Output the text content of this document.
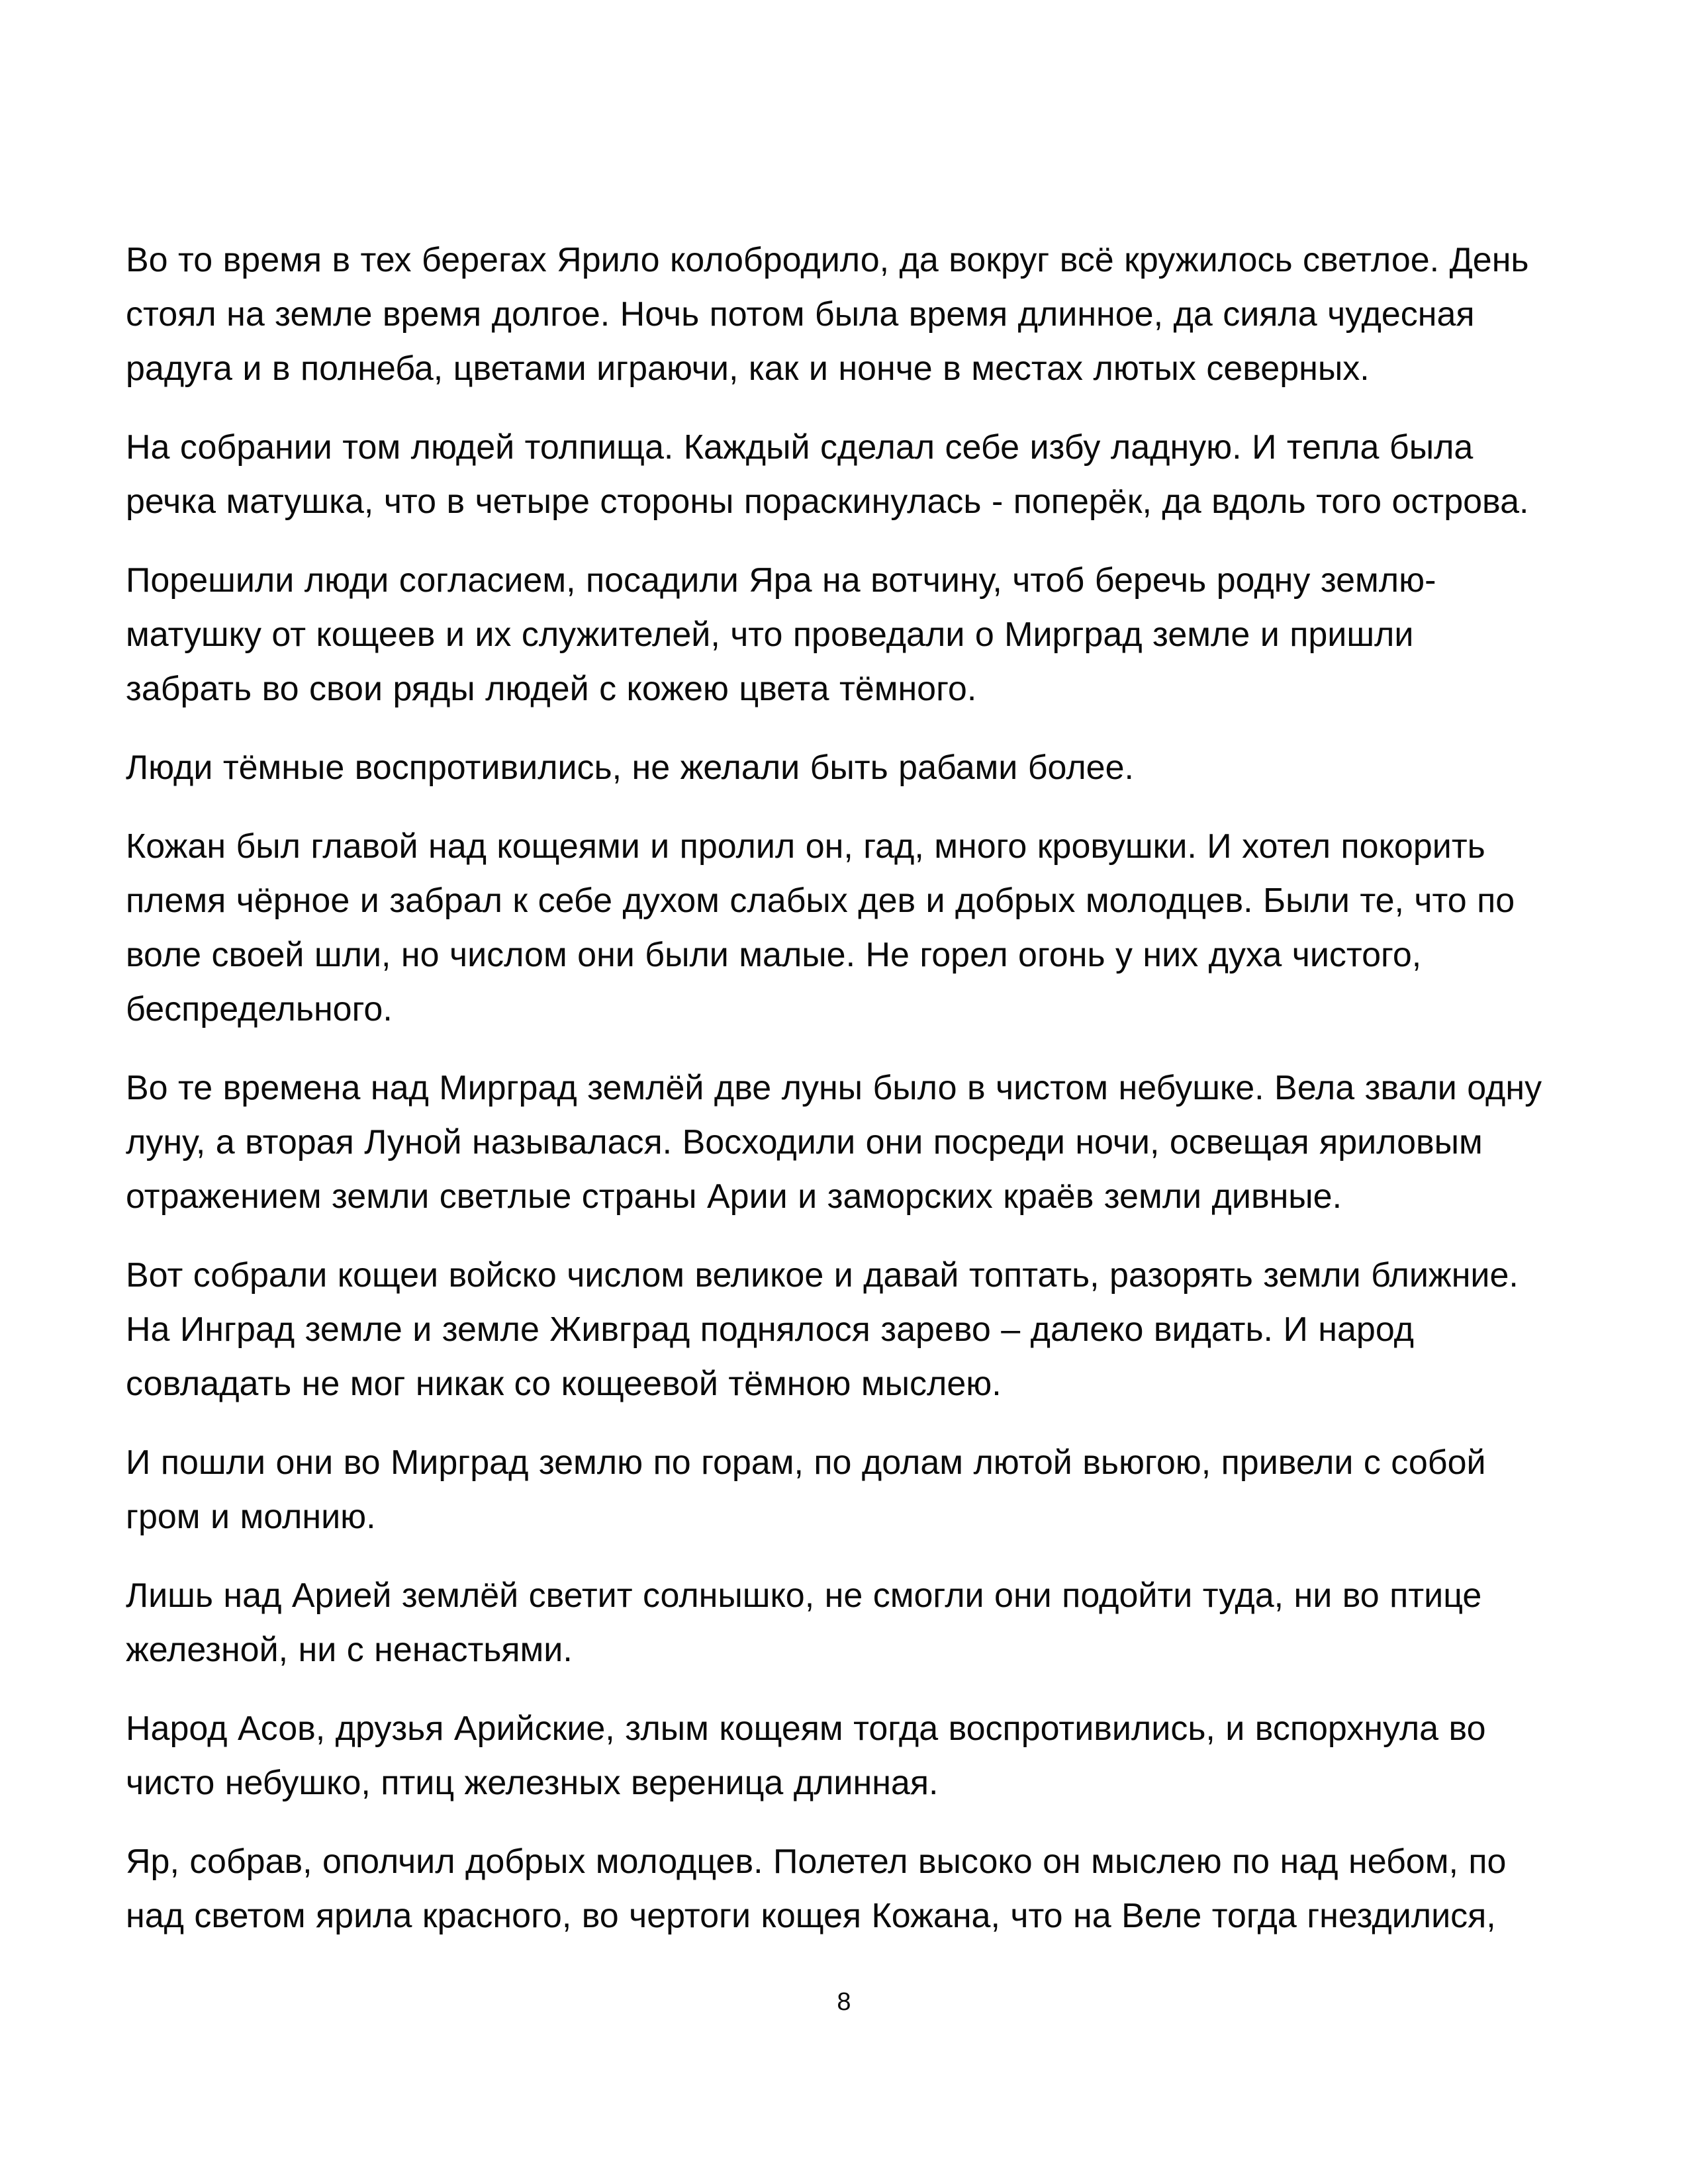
Во то время в тех берегах Ярило колобродило, да вокруг всё кружилось светлое. День
стоял на земле время долгое. Ночь потом была время длинное, да сияла чудесная
радуга и в полнеба, цветами играючи, как и нонче в местах лютых северных.

На собрании том людей толпища. Каждый сделал себе избу ладную. И тепла была
речка матушка, что в четыре стороны пораскинулась - поперёк, да вдоль того острова.

Порешили люди согласием, посадили Яра на вотчину, чтоб беречь родну землю-
матушку от кощеев и их служителей, что проведали о Мирград земле и пришли
забрать во свои ряды людей с кожею цвета тёмного.

Люди тёмные воспротивились, не желали быть рабами более.

Кожан был главой над кощеями и пролил он, гад, много кровушки. И хотел покорить
племя чёрное и забрал к себе духом слабых дев и добрых молодцев. Были те, что по
воле своей шли, но числом они были малые. Не горел огонь у них духа чистого,
беспредельного.

Во те времена над Мирград землёй две луны было в чистом небушке. Вела звали одну
луну, а вторая Луной называлася. Восходили они посреди ночи, освещая яриловым
отражением земли светлые страны Арии и заморских краёв земли дивные.

Вот собрали кощеи войско числом великое и давай топтать, разорять земли ближние.
На Инград земле и земле Живград поднялося зарево – далеко видать. И народ
совладать не мог никак со кощеевой тёмною мыслею.

И пошли они во Мирград землю по горам, по долам лютой вьюгою, привели с собой
гром и молнию.

Лишь над Арией землёй светит солнышко, не смогли они подойти туда, ни во птице
железной, ни с ненастьями.

Народ Асов, друзья Арийские, злым кощеям тогда воспротивились, и вспорхнула во
чисто небушко, птиц железных вереница длинная.

Яр, собрав, ополчил добрых молодцев. Полетел высоко он мыслею по над небом, по
над светом ярила красного, во чертоги кощея Кожана, что на Веле тогда гнездилися,

8
